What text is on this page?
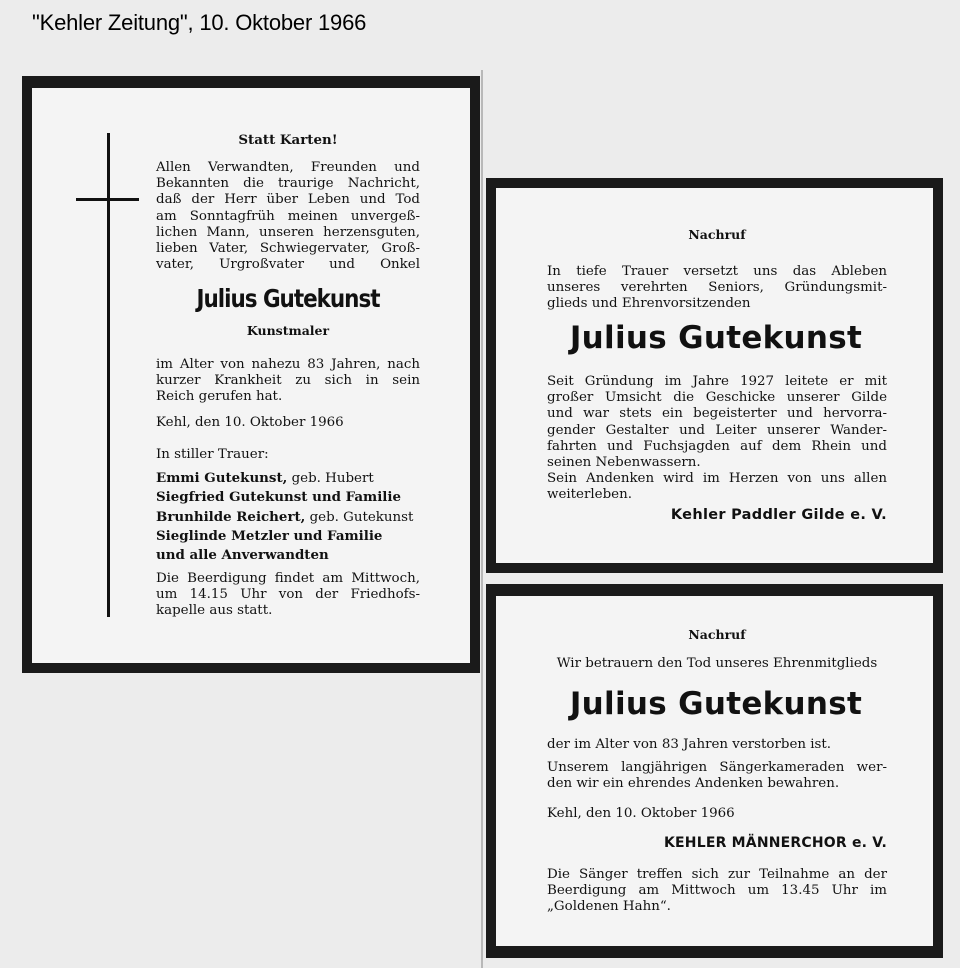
"Kehler Zeitung", 10. Oktober 1966
Statt Karten!
Allen Verwandten, Freunden und
Bekannten die traurige Nachricht,
daß der Herr über Leben und Tod
am Sonntagfrüh meinen unvergeß-
lichen Mann, unseren herzensguten,
lieben Vater, Schwiegervater, Groß-
vater, Urgroßvater und Onkel
Julius Gutekunst
Kunstmaler
im Alter von nahezu 83 Jahren, nach
kurzer Krankheit zu sich in sein
Reich gerufen hat.
Kehl, den 10. Oktober 1966
In stiller Trauer:
Emmi Gutekunst, geb. Hubert
Siegfried Gutekunst und Familie
Brunhilde Reichert, geb. Gutekunst
Sieglinde Metzler und Familie
und alle Anverwandten
Die Beerdigung findet am Mittwoch,
um 14.15 Uhr von der Friedhofs-
kapelle aus statt.
Nachruf
In tiefe Trauer versetzt uns das Ableben
unseres verehrten Seniors, Gründungsmit-
glieds und Ehrenvorsitzenden
Julius Gutekunst
Seit Gründung im Jahre 1927 leitete er mit
großer Umsicht die Geschicke unserer Gilde
und war stets ein begeisterter und hervorra-
gender Gestalter und Leiter unserer Wander-
fahrten und Fuchsjagden auf dem Rhein und
seinen Nebenwassern.
Sein Andenken wird im Herzen von uns allen
weiterleben.
Kehler Paddler Gilde e. V.
Nachruf
Wir betrauern den Tod unseres Ehrenmitglieds
Julius Gutekunst
der im Alter von 83 Jahren verstorben ist.
Unserem langjährigen Sängerkameraden wer-
den wir ein ehrendes Andenken bewahren.
Kehl, den 10. Oktober 1966
KEHLER MÄNNERCHOR e. V.
Die Sänger treffen sich zur Teilnahme an der
Beerdigung am Mittwoch um 13.45 Uhr im
„Goldenen Hahn“.
